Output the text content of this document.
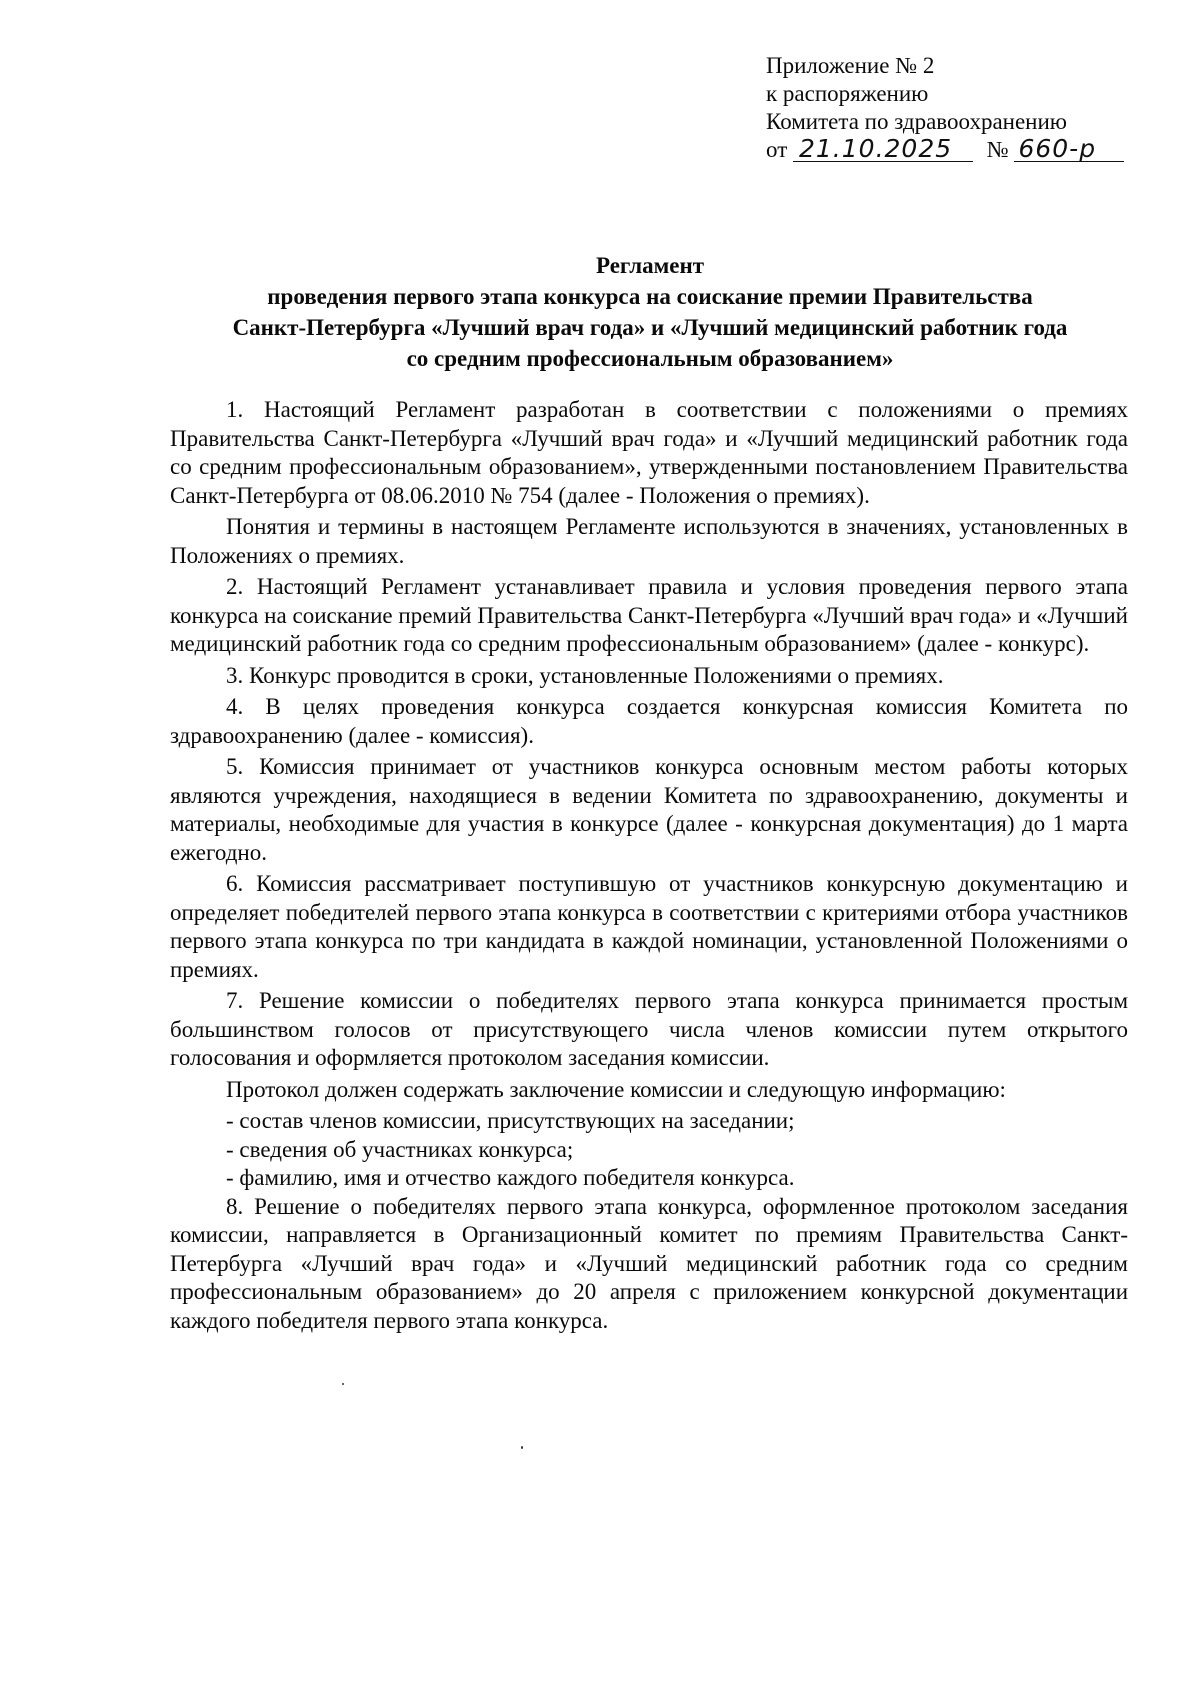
Приложение № 2
к распоряжению
Комитета по здравоохранению
от 21.10.2025 № 660-р
Регламент
проведения первого этапа конкурса на соискание премии Правительства
Санкт-Петербурга «Лучший врач года» и «Лучший медицинский работник года
со средним профессиональным образованием»

1. Настоящий Регламент разработан в соответствии с положениями о премиях Правительства Санкт-Петербурга «Лучший врач года» и «Лучший медицинский работник года со средним профессиональным образованием», утвержденными постановлением Правительства Санкт-Петербурга от 08.06.2010 № 754 (далее - Положения о премиях).

Понятия и термины в настоящем Регламенте используются в значениях, установленных в Положениях о премиях.

2. Настоящий Регламент устанавливает правила и условия проведения первого этапа конкурса на соискание премий Правительства Санкт-Петербурга «Лучший врач года» и «Лучший медицинский работник года со средним профессиональным образованием» (далее - конкурс).

3. Конкурс проводится в сроки, установленные Положениями о премиях.

4. В целях проведения конкурса создается конкурсная комиссия Комитета по здравоохранению (далее - комиссия).

5. Комиссия принимает от участников конкурса основным местом работы которых являются учреждения, находящиеся в ведении Комитета по здравоохранению, документы и материалы, необходимые для участия в конкурсе (далее - конкурсная документация) до 1 марта ежегодно.

6. Комиссия рассматривает поступившую от участников конкурсную документацию и определяет победителей первого этапа конкурса в соответствии с критериями отбора участников первого этапа конкурса по три кандидата в каждой номинации, установленной Положениями о премиях.

7. Решение комиссии о победителях первого этапа конкурса принимается простым большинством голосов от присутствующего числа членов комиссии путем открытого голосования и оформляется протоколом заседания комиссии.

Протокол должен содержать заключение комиссии и следующую информацию:

- состав членов комиссии, присутствующих на заседании;

- сведения об участниках конкурса;

- фамилию, имя и отчество каждого победителя конкурса.

8. Решение о победителях первого этапа конкурса, оформленное протоколом заседания комиссии, направляется в Организационный комитет по премиям Правительства Санкт-Петербурга «Лучший врач года» и «Лучший медицинский работник года со средним профессиональным образованием» до 20 апреля с приложением конкурсной документации каждого победителя первого этапа конкурса.
